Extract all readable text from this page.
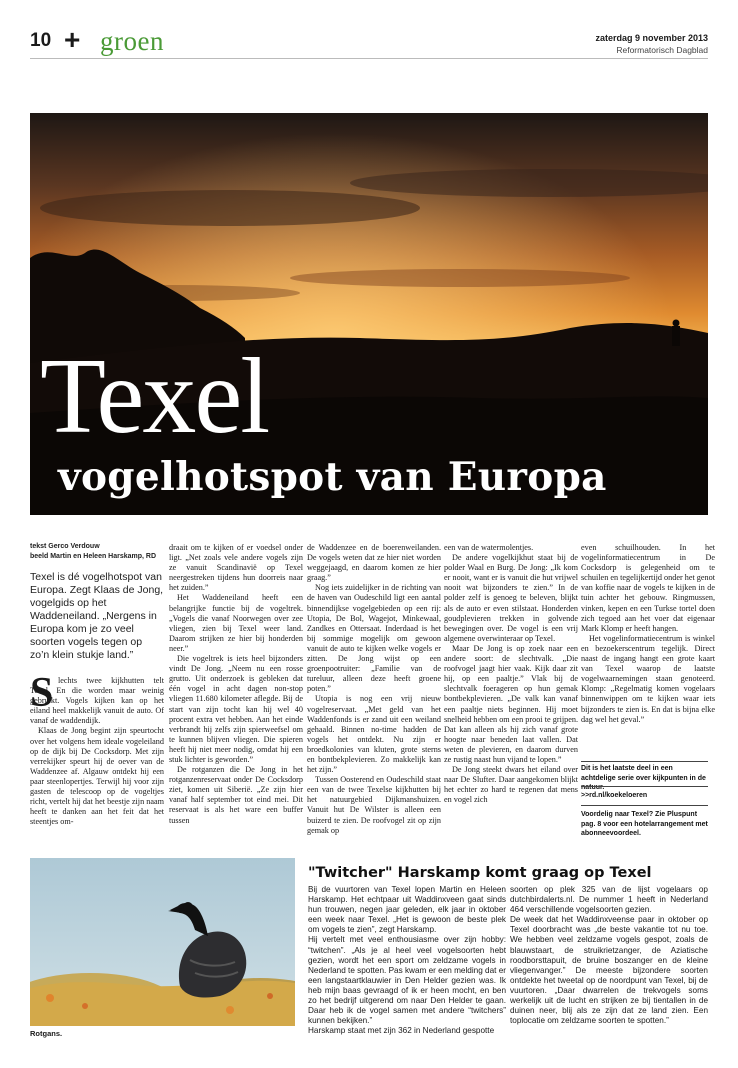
10 + groen	zaterdag 9 november 2013
Reformatorisch Dagblad
Texel
vogelhotspot van Europa
tekst Gerco Verdouw
beeld Martin en Heleen Harskamp, RD
Texel is dé vogelhotspot van Europa. Zegt Klaas de Jong, vogelgids op het Waddeneiland. „Nergens in Europa kom je zo veel soorten vogels tegen op zo’n klein stukje land.”
S lechts twee kijkhutten telt Texel. En die worden maar weinig gebruikt. Vogels kijken kan op het eiland heel makkelijk vanuit de auto. Of vanaf de waddendijk.

Klaas de Jong begint zijn speurtocht over het volgens hem ideale vogeleiland op de dijk bij De Cocksdorp. Met zijn verrekijker speurt hij de oever van de Waddenzee af. Algauw ontdekt hij een paar steenlopertjes. Terwijl hij voor zijn gasten de telescoop op de vogeltjes richt, vertelt hij dat het beestje zijn naam heeft te danken aan het feit dat het steentjes om-

draait om te kijken of er voedsel onder ligt. „Net zoals vele andere vogels zijn ze vanuit Scandinavië op Texel neergestreken tijdens hun doorreis naar het zuiden.”

Het Waddeneiland heeft een belangrijke functie bij de vogeltrek. „Vogels die vanaf Noorwegen over zee vliegen, zien bij Texel weer land. Daarom strijken ze hier bij honderden neer.”

Die vogeltrek is iets heel bijzonders vindt De Jong. „Neem nu een rosse grutto. Uit onderzoek is gebleken dat één vogel in acht dagen non-stop vliegen 11.680 kilometer aflegde. Bij de start van zijn tocht kan hij wel 40 procent extra vet hebben. Aan het einde verbrandt hij zelfs zijn spierweefsel om te kunnen blijven vliegen. Die spieren heeft hij niet meer nodig, omdat hij een stuk lichter is geworden.”

De rotganzen die De Jong in het rotganzenreservaat onder De Cocksdorp ziet, komen uit Siberië. „Ze zijn hier vanaf half september tot eind mei. Dit reservaat is als het ware een buffer tussen

de Waddenzee en de boerenweilanden. De vogels weten dat ze hier niet worden weggejaagd, en daarom komen ze hier graag.”

Nog iets zuidelijker in de richting van de haven van Oudeschild ligt een aantal binnendijkse vogelgebieden op een rij: Utopia, De Bol, Wagejot, Minkewaal, Zandkes en Ottersaat. Inderdaad is het bij sommige mogelijk om gewoon vanuit de auto te kijken welke vogels er zitten. De Jong wijst op een groenpootruiter: „Familie van de tureluur, alleen deze heeft groene poten.”

Utopia is nog een vrij nieuw vogelreservaat. „Met geld van het Waddenfonds is er zand uit een weiland gehaald. Binnen no-time hadden de vogels het ontdekt. Nu zijn er broedkolonies van kluten, grote sterns en bontbekplevieren. Zo makkelijk kan het zijn.”

Tussen Oosterend en Oudeschild staat een van de twee Texelse kijkhutten bij het natuurgebied Dijkmanshuizen. Vanuit hut De Wilster is alleen een buizerd te zien. De roofvogel zit op zijn gemak op

een van de watermolentjes.

De andere vogelkijkhut staat bij de polder Waal en Burg. De Jong: „Ik kom er nooit, want er is vanuit die hut vrijwel nooit wat bijzonders te zien.” In de polder zelf is genoeg te beleven, blijkt als de auto er even stilstaat. Honderden goudplevieren trekken in golvende bewegingen over. De vogel is een vrij algemene overwinteraar op Texel.

Maar De Jong is op zoek naar een andere soort: de slechtvalk. „Die roofvogel jaagt hier vaak. Kijk daar zit hij, op een paaltje.” Vlak bij de slechtvalk foerageren op hun gemak bontbekplevieren. „De valk kan vanaf een paaltje niets beginnen. Hij moet snelheid hebben om een prooi te grijpen. Dat kan alleen als hij zich vanaf grote hoogte naar beneden laat vallen. Dat weten de plevieren, en daarom durven ze rustig naast hun vijand te lopen.”

De Jong steekt dwars het eiland over naar De Slufter. Daar aangekomen blijkt het echter zo hard te regenen dat mens en vogel zich

even schuilhouden. In het vogelinformatiecentrum in De Cocksdorp is gelegenheid om te schuilen en tegelijkertijd onder het genot van koffie naar de vogels te kijken in de tuin achter het gebouw. Ringmussen, vinken, kepen en een Turkse tortel doen zich tegoed aan het voer dat eigenaar Mark Klomp er heeft hangen.

Het vogelinformatiecentrum is winkel en bezoekerscentrum tegelijk. Direct naast de ingang hangt een grote kaart van Texel waarop de laatste vogelwaarnemingen staan genoteerd. Klomp: „Regelmatig komen vogelaars binnenwippen om te kijken waar iets bijzonders te zien is. En dat is bijna elke dag wel het geval.”

Dit is het laatste deel in een achtdelige serie over kijkpunten in de natuur.
>>rd.nl/koekeloeren
Voordelig naar Texel? Zie Pluspunt pag. 8 voor een hotelarrangement met abonneevoordeel.
Rotgans.
"Twitcher" Harskamp komt graag op Texel

Bij de vuurtoren van Texel lopen Martin en Heleen Harskamp. Het echtpaar uit Waddinxveen gaat sinds hun trouwen, negen jaar geleden, elk jaar in oktober een week naar Texel. „Het is gewoon de beste plek om vogels te zien”, zegt Harskamp.

Hij vertelt met veel enthousiasme over zijn hobby: “twitchen”. „Als je al heel veel vogelsoorten hebt gezien, wordt het een sport om zeldzame vogels in Nederland te spotten. Pas kwam er een melding dat er een langstaartklauwier in Den Helder gezien was. Ik heb mijn baas gevraagd of ik er heen mocht, en ben zo het bedrijf uitgerend om naar Den Helder te gaan. Daar heb ik de vogel samen met andere “twitchers” kunnen bekijken.”

Harskamp staat met zijn 362 in Nederland gespotte

soorten op plek 325 van de lijst vogelaars op dutchbirdalerts.nl. De nummer 1 heeft in Nederland 464 verschillende vogelsoorten gezien.

De week dat het Waddinxveense paar in oktober op Texel doorbracht was „de beste vakantie tot nu toe. We hebben veel zeldzame vogels gespot, zoals de blauwstaart, de struikrietzanger, de Aziatische roodborsttapuit, de bruine boszanger en de kleine vliegenvanger.” De meeste bijzondere soorten ontdekte het tweetal op de noordpunt van Texel, bij de vuurtoren. „Daar dwarrelen de trekvogels soms werkelijk uit de lucht en strijken ze bij tientallen in de duinen neer, blij als ze zijn dat ze land zien. Een toplocatie om zeldzame soorten te spotten.”
